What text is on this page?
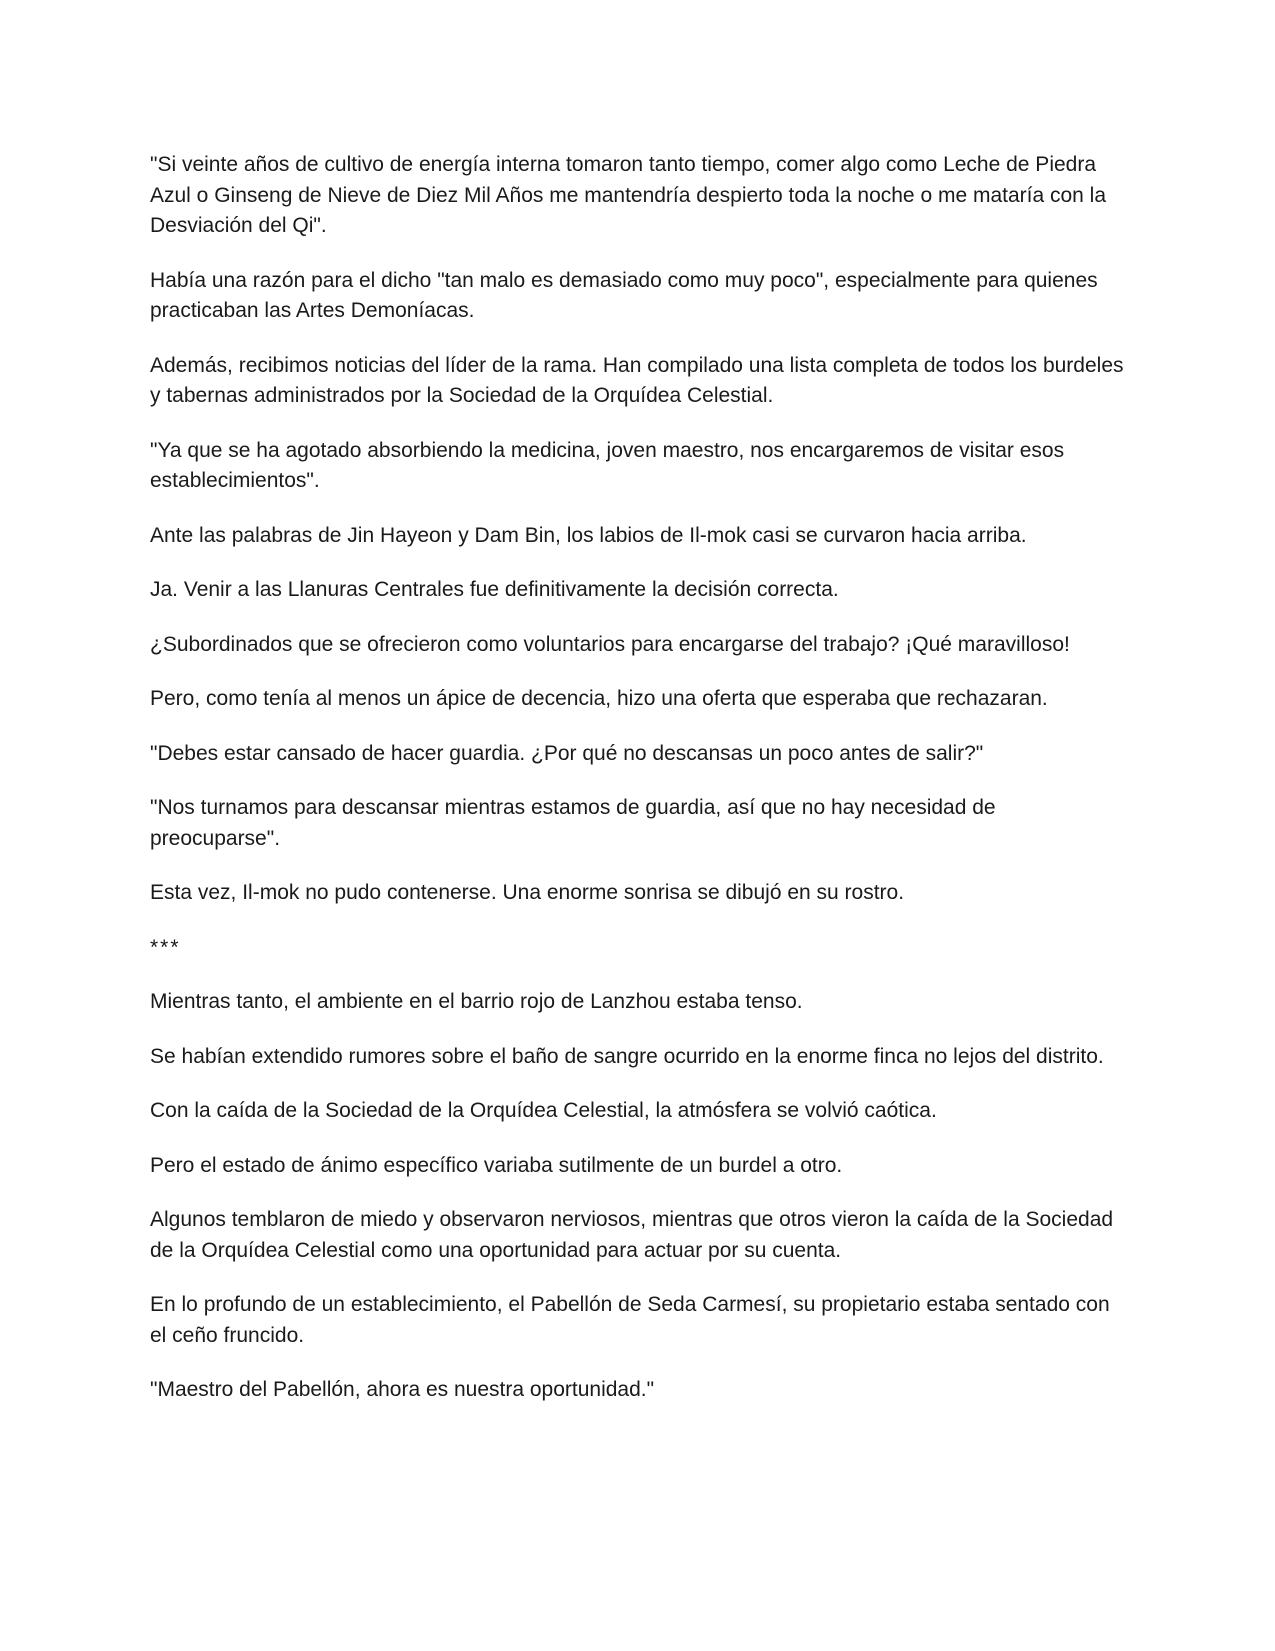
"Si veinte años de cultivo de energía interna tomaron tanto tiempo, comer algo como Leche de Piedra Azul o Ginseng de Nieve de Diez Mil Años me mantendría despierto toda la noche o me mataría con la Desviación del Qi".

Había una razón para el dicho "tan malo es demasiado como muy poco", especialmente para quienes practicaban las Artes Demoníacas.

Además, recibimos noticias del líder de la rama. Han compilado una lista completa de todos los burdeles y tabernas administrados por la Sociedad de la Orquídea Celestial.

"Ya que se ha agotado absorbiendo la medicina, joven maestro, nos encargaremos de visitar esos establecimientos".

Ante las palabras de Jin Hayeon y Dam Bin, los labios de Il-mok casi se curvaron hacia arriba.

Ja. Venir a las Llanuras Centrales fue definitivamente la decisión correcta.

¿Subordinados que se ofrecieron como voluntarios para encargarse del trabajo? ¡Qué maravilloso!

Pero, como tenía al menos un ápice de decencia, hizo una oferta que esperaba que rechazaran.

"Debes estar cansado de hacer guardia. ¿Por qué no descansas un poco antes de salir?"

"Nos turnamos para descansar mientras estamos de guardia, así que no hay necesidad de preocuparse".

Esta vez, Il-mok no pudo contenerse. Una enorme sonrisa se dibujó en su rostro.

***

Mientras tanto, el ambiente en el barrio rojo de Lanzhou estaba tenso.

Se habían extendido rumores sobre el baño de sangre ocurrido en la enorme finca no lejos del distrito.

Con la caída de la Sociedad de la Orquídea Celestial, la atmósfera se volvió caótica.

Pero el estado de ánimo específico variaba sutilmente de un burdel a otro.

Algunos temblaron de miedo y observaron nerviosos, mientras que otros vieron la caída de la Sociedad de la Orquídea Celestial como una oportunidad para actuar por su cuenta.

En lo profundo de un establecimiento, el Pabellón de Seda Carmesí, su propietario estaba sentado con el ceño fruncido.

"Maestro del Pabellón, ahora es nuestra oportunidad."
